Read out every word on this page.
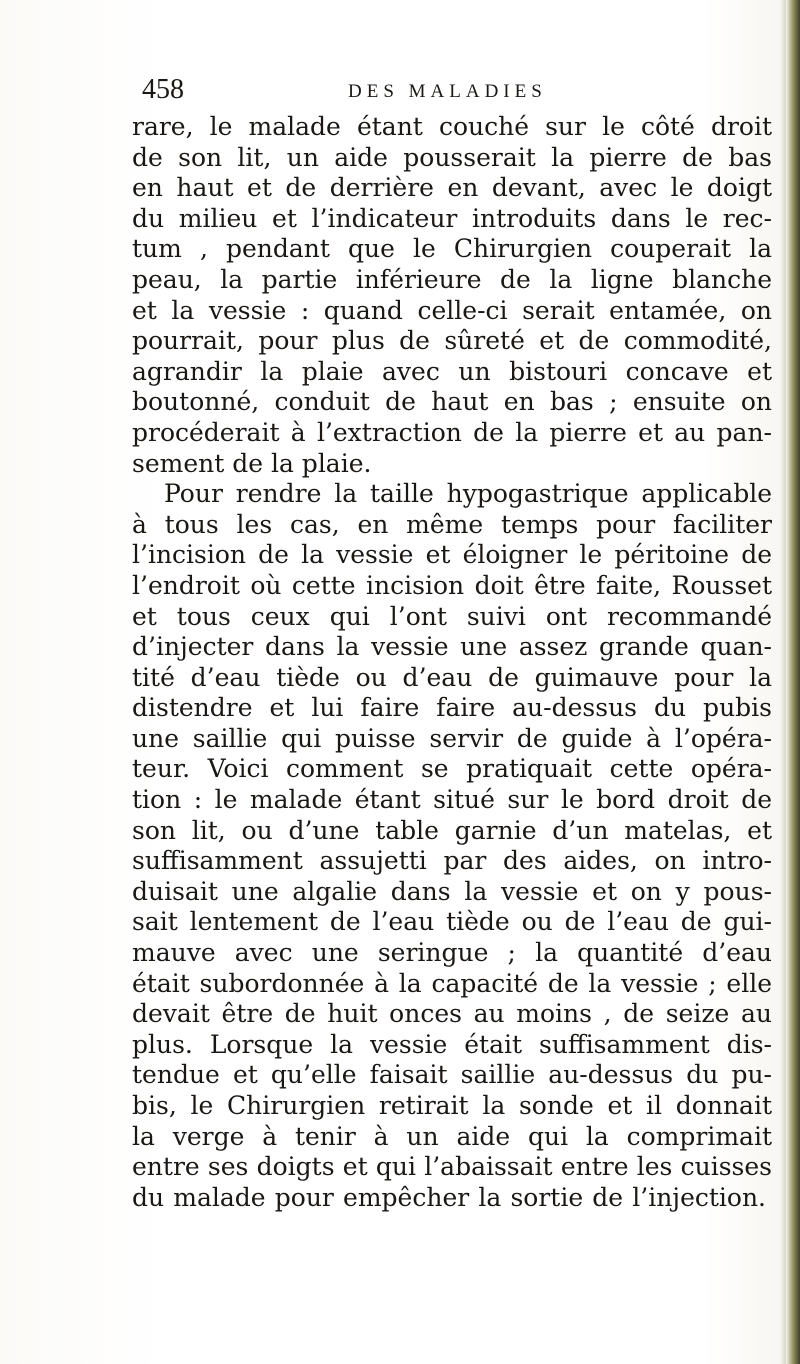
458	DES MALADIES
rare, le malade étant couché sur le côté droit
de son lit, un aide pousserait la pierre de bas
en haut et de derrière en devant, avec le doigt
du milieu et l’indicateur introduits dans le rec-
tum , pendant que le Chirurgien couperait la
peau, la partie inférieure de la ligne blanche
et la vessie : quand celle-ci serait entamée, on
pourrait, pour plus de sûreté et de commodité,
agrandir la plaie avec un bistouri concave et
boutonné, conduit de haut en bas ; ensuite on
procéderait à l’extraction de la pierre et au pan-
sement de la plaie.
Pour rendre la taille hypogastrique applicable
à tous les cas, en même temps pour faciliter
l’incision de la vessie et éloigner le péritoine de
l’endroit où cette incision doit être faite, Rousset
et tous ceux qui l’ont suivi ont recommandé
d’injecter dans la vessie une assez grande quan-
tité d’eau tiède ou d’eau de guimauve pour la
distendre et lui faire faire au-dessus du pubis
une saillie qui puisse servir de guide à l’opéra-
teur. Voici comment se pratiquait cette opéra-
tion : le malade étant situé sur le bord droit de
son lit, ou d’une table garnie d’un matelas, et
suffisamment assujetti par des aides, on intro-
duisait une algalie dans la vessie et on y pous-
sait lentement de l’eau tiède ou de l’eau de gui-
mauve avec une seringue ; la quantité d’eau
était subordonnée à la capacité de la vessie ; elle
devait être de huit onces au moins , de seize au
plus. Lorsque la vessie était suffisamment dis-
tendue et qu’elle faisait saillie au-dessus du pu-
bis, le Chirurgien retirait la sonde et il donnait
la verge à tenir à un aide qui la comprimait
entre ses doigts et qui l’abaissait entre les cuisses
du malade pour empêcher la sortie de l’injection.
